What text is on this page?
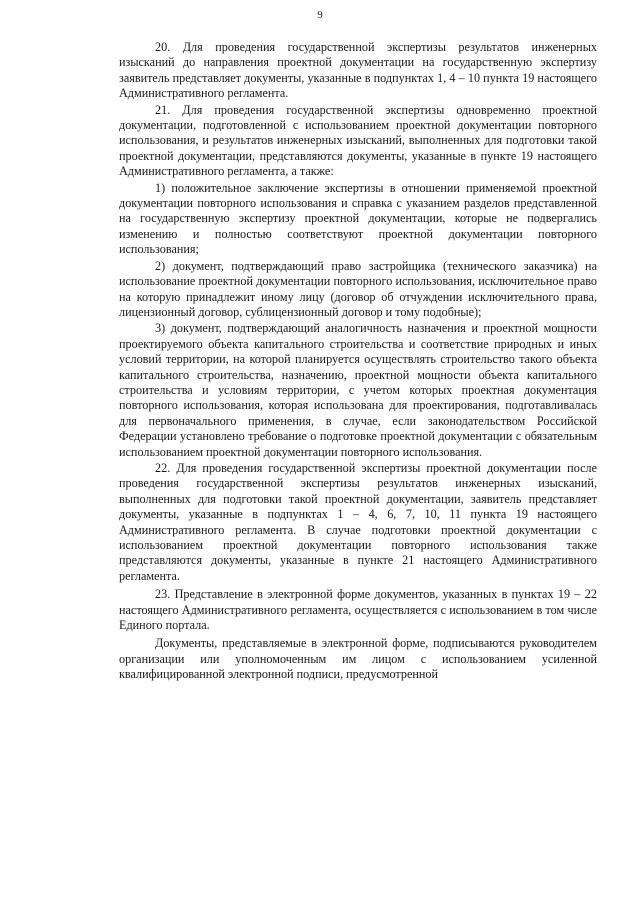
9

20. Для проведения государственной экспертизы результатов инженерных изысканий до направления проектной документации на государственную экспертизу заявитель представляет документы, указанные в подпунктах 1, 4 – 10 пункта 19 настоящего Административного регламента.

21. Для проведения государственной экспертизы одновременно проектной документации, подготовленной с использованием проектной документации повторного использования, и результатов инженерных изысканий, выполненных для подготовки такой проектной документации, представляются документы, указанные в пункте 19 настоящего Административного регламента, а также:

1) положительное заключение экспертизы в отношении применяемой проектной документации повторного использования и справка с указанием разделов представленной на государственную экспертизу проектной документации, которые не подвергались изменению и полностью соответствуют проектной документации повторного использования;

2) документ, подтверждающий право застройщика (технического заказчика) на использование проектной документации повторного использования, исключительное право на которую принадлежит иному лицу (договор об отчуждении исключительного права, лицензионный договор, сублицензионный договор и тому подобные);

3) документ, подтверждающий аналогичность назначения и проектной мощности проектируемого объекта капитального строительства и соответствие природных и иных условий территории, на которой планируется осуществлять строительство такого объекта капитального строительства, назначению, проектной мощности объекта капитального строительства и условиям территории, с учетом которых проектная документация повторного использования, которая использована для проектирования, подготавливалась для первоначального применения, в случае, если законодательством Российской Федерации установлено требование о подготовке проектной документации с обязательным использованием проектной документации повторного использования.

22. Для проведения государственной экспертизы проектной документации после проведения государственной экспертизы результатов инженерных изысканий, выполненных для подготовки такой проектной документации, заявитель представляет документы, указанные в подпунктах 1 – 4, 6, 7, 10, 11 пункта 19 настоящего Административного регламента. В случае подготовки проектной документации с использованием проектной документации повторного использования также представляются документы, указанные в пункте 21 настоящего Административного регламента.

23. Представление в электронной форме документов, указанных в пунктах 19 – 22 настоящего Административного регламента, осуществляется с использованием в том числе Единого портала.

Документы, представляемые в электронной форме, подписываются руководителем организации или уполномоченным им лицом с использованием усиленной квалифицированной электронной подписи, предусмотренной
